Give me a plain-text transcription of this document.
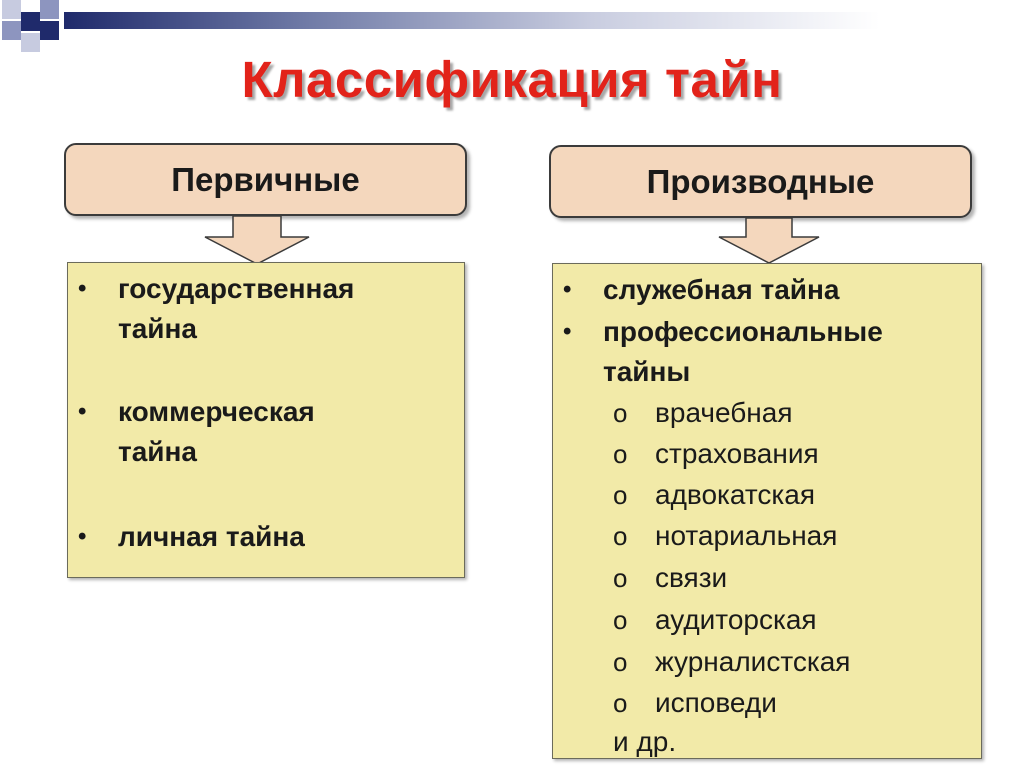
Классификация тайн
Первичные	Производные
• государственная
тайна
• коммерческая
тайна
• личная тайна
• служебная тайна
• профессиональные
тайны
o врачебная
o страхования
o адвокатская
o нотариальная
o связи
o аудиторская
o журналистская
o исповеди
и др.
